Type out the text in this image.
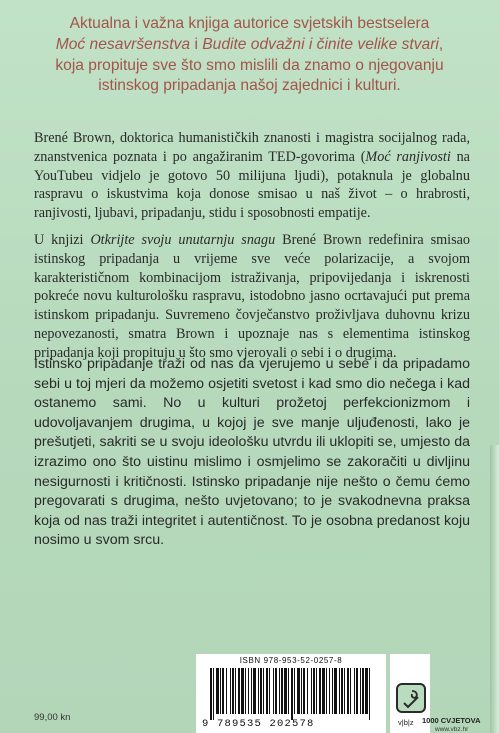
Aktualna i važna knjiga autorice svjetskih bestselera
Moć nesavršenstva i Budite odvažni i činite velike stvari,
koja propituje sve što smo mislili da znamo o njegovanju
istinskog pripadanja našoj zajednici i kulturi.

Brené Brown, doktorica humanističkih znanosti i magistra socijalnog rada, znanstvenica poznata i po angažiranim TED-govorima (Moć ranjivosti na YouTubeu vidjelo je gotovo 50 milijuna ljudi), potaknula je globalnu raspravu o iskustvima koja donose smisao u naš život – o hrabrosti, ranjivosti, ljubavi, pripadanju, stidu i sposobnosti empatije.

U knjizi Otkrijte svoju unutarnju snagu Brené Brown redefinira smisao istinskog pripadanja u vrijeme sve veće polarizacije, a svojom karakterističnom kombinacijom istraživanja, pripovijedanja i iskrenosti pokreće novu kulturološku raspravu, istodobno jasno ocrtavajući put prema istinskom pripadanju. Suvremeno čovječanstvo proživljava duhovnu krizu nepovezanosti, smatra Brown i upoznaje nas s elementima istinskog pripadanja koji propituju u što smo vjerovali o sebi i o drugima.

Istinsko pripadanje traži od nas da vjerujemo u sebe i da pripadamo sebi u toj mjeri da možemo osjetiti svetost i kad smo dio nečega i kad ostanemo sami. No u kulturi prožetoj perfekcionizmom i udovoljavanjem drugima, u kojoj je sve manje uljuđenosti, lako je prešutjeti, sakriti se u svoju ideološku utvrdu ili uklopiti se, umjesto da izrazimo ono što uistinu mislimo i osmjelimo se zakoračiti u divljinu nesigurnosti i kritičnosti. Istinsko pripadanje nije nešto o čemu ćemo pregovarati s drugima, nešto uvjetovano; to je svakodnevna praksa koja od nas traži integritet i autentičnost. To je osobna predanost koju nosimo u svom srcu.

ISBN 978-953-52-0257-8
9 789535 202578
99,00 kn	v|b|z 1000 CVJETOVA
www.vbz.hr
